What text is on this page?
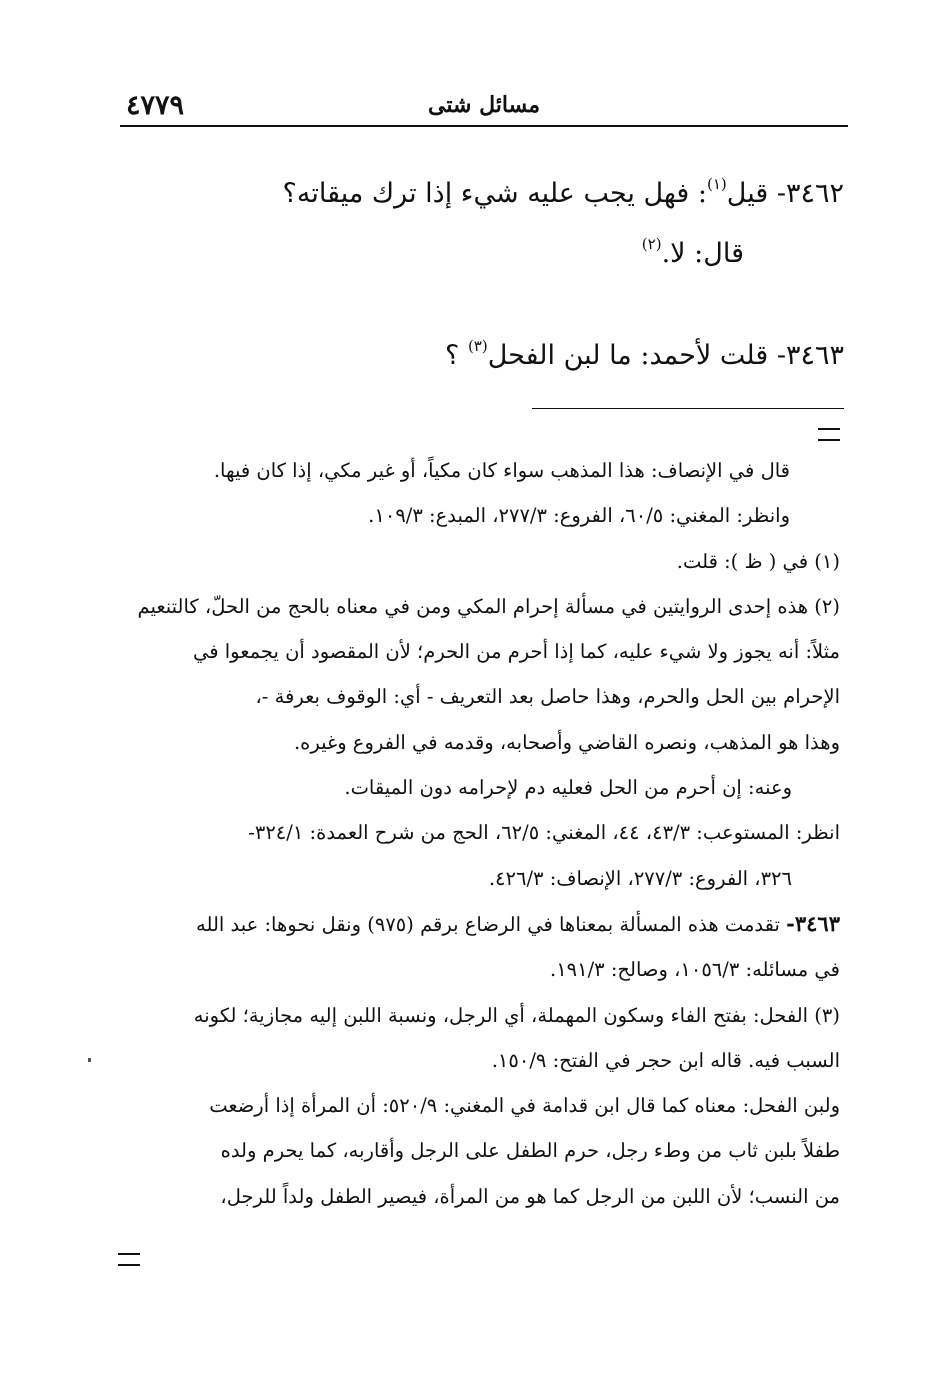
٤٧٧٩	مسائل شتى
٣٤٦٢- قيل$^{(١)}$: فهل يجب عليه شيء إذا ترك ميقاته؟
قال: لا.$^{(٢)}$
٣٤٦٣- قلت لأحمد: ما لبن الفحل$^{(٣)}$ ؟
قال في الإنصاف: هذا المذهب سواء كان مكياً، أو غير مكي، إذا كان فيها.
وانظر: المغني: ٦٠/٥، الفروع: ٢٧٧/٣، المبدع: ١٠٩/٣.
(١) في ( ظ ): قلت.
(٢) هذه إحدى الروايتين في مسألة إحرام المكي ومن في معناه بالحج من الحلّ، كالتنعيم
مثلاً: أنه يجوز ولا شيء عليه، كما إذا أحرم من الحرم؛ لأن المقصود أن يجمعوا في
الإحرام بين الحل والحرم، وهذا حاصل بعد التعريف - أي: الوقوف بعرفة -،
وهذا هو المذهب، ونصره القاضي وأصحابه، وقدمه في الفروع وغيره.
وعنه: إن أحرم من الحل فعليه دم لإحرامه دون الميقات.
انظر: المستوعب: ٤٣/٣، ٤٤، المغني: ٦٢/٥، الحج من شرح العمدة: ٣٢٤/١-
٣٢٦، الفروع: ٢٧٧/٣، الإنصاف: ٤٢٦/٣.
٣٤٦٣- تقدمت هذه المسألة بمعناها في الرضاع برقم (٩٧٥) ونقل نحوها: عبد الله
في مسائله: ١٠٥٦/٣، وصالح: ١٩١/٣.
(٣) الفحل: بفتح الفاء وسكون المهملة، أي الرجل، ونسبة اللبن إليه مجازية؛ لكونه
السبب فيه. قاله ابن حجر في الفتح: ١٥٠/٩.
ولبن الفحل: معناه كما قال ابن قدامة في المغني: ٥٢٠/٩: أن المرأة إذا أرضعت
طفلاً بلبن ثاب من وطء رجل، حرم الطفل على الرجل وأقاربه، كما يحرم ولده
من النسب؛ لأن اللبن من الرجل كما هو من المرأة، فيصير الطفل ولداً للرجل،
